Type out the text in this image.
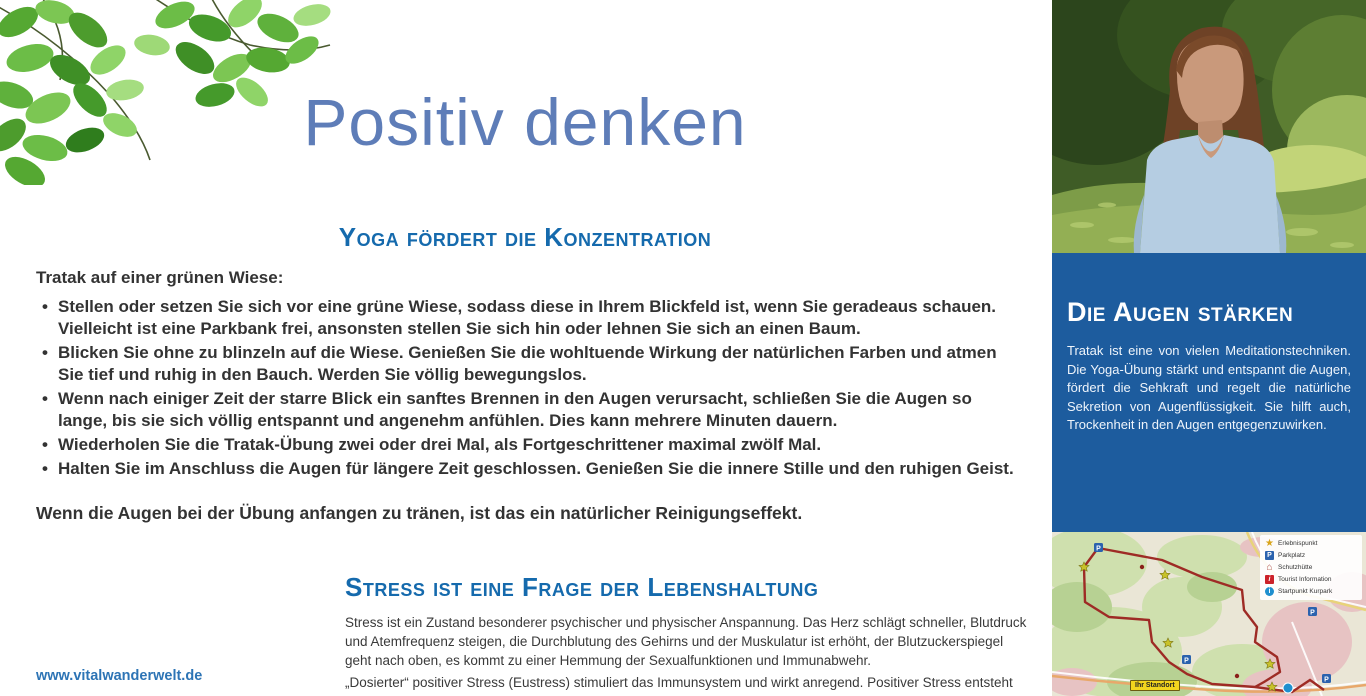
Positiv denken
Yoga fördert die Konzentration
Tratak auf einer grünen Wiese:
• Stellen oder setzen Sie sich vor eine grüne Wiese, sodass diese in Ihrem Blickfeld ist, wenn Sie geradeaus schauen. Vielleicht ist eine Parkbank frei, ansonsten stellen Sie sich hin oder lehnen Sie sich an einen Baum.
• Blicken Sie ohne zu blinzeln auf die Wiese. Genießen Sie die wohltuende Wirkung der natürlichen Farben und atmen Sie tief und ruhig in den Bauch. Werden Sie völlig bewegungslos.
• Wenn nach einiger Zeit der starre Blick ein sanftes Brennen in den Augen verursacht, schließen Sie die Augen so lange, bis sie sich völlig entspannt und angenehm anfühlen. Dies kann mehrere Minuten dauern.
• Wiederholen Sie die Tratak-Übung zwei oder drei Mal, als Fortgeschrittener maximal zwölf Mal.
• Halten Sie im Anschluss die Augen für längere Zeit geschlossen. Genießen Sie die innere Stille und den ruhigen Geist.
Wenn die Augen bei der Übung anfangen zu tränen, ist das ein natürlicher Reinigungseffekt.
Stress ist eine Frage der Lebenshaltung
Stress ist ein Zustand besonderer psychischer und physischer Anspannung. Das Herz schlägt schneller, Blutdruck und Atemfrequenz steigen, die Durchblutung des Gehirns und der Muskulatur ist erhöht, der Blutzuckerspiegel geht nach oben, es kommt zu einer Hemmung der Sexualfunktionen und Immunabwehr.
„Dosierter“ positiver Stress (Eustress) stimuliert das Immunsystem und wirkt anregend. Positiver Stress entsteht
www.vitalwanderwelt.de
Die Augen stärken
Tratak ist eine von vielen Meditationstechniken. Die Yoga-Übung stärkt und entspannt die Augen, fördert die Sehkraft und regelt die natürliche Sekretion von Augenflüssigkeit. Sie hilft auch, Trockenheit in den Augen entgegenzuwirken.
P
P
P
P
★ Erlebnispunkt
P Parkplatz
⌂ Schutzhütte
i	Tourist Information
i	Startpunkt Kurpark
Ihr Standort
